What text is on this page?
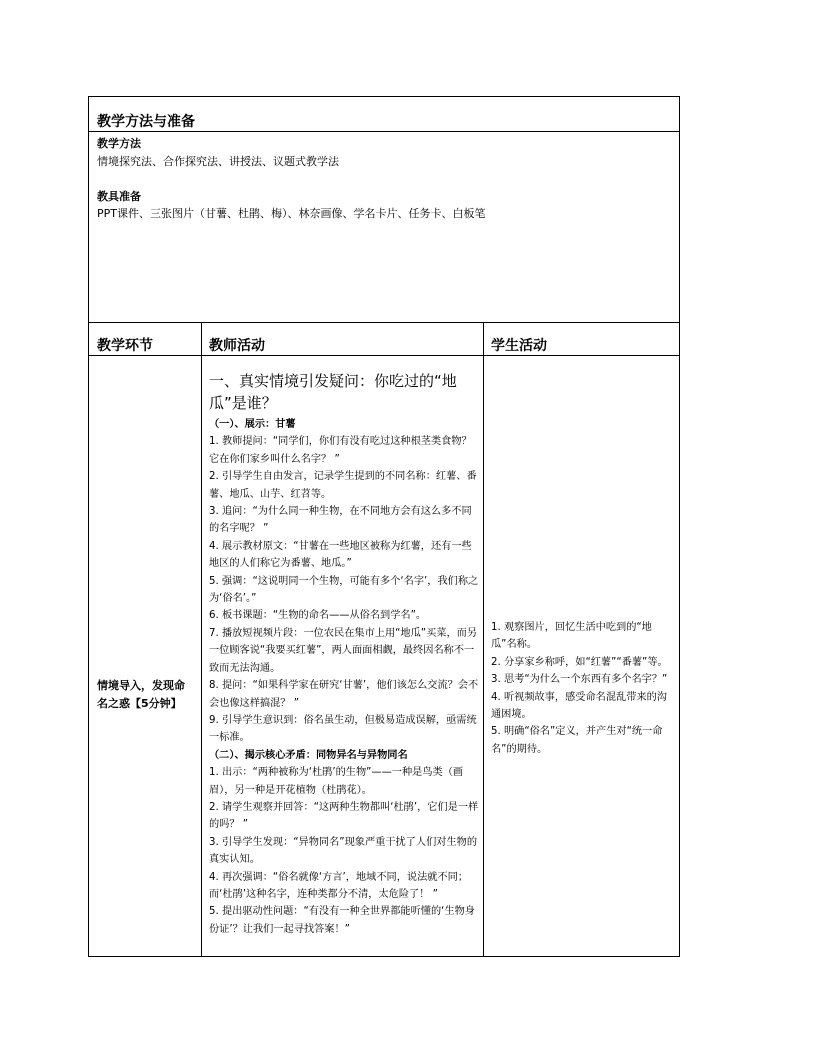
教学方法与准备
教学方法
情境探究法、合作探究法、讲授法、议题式教学法
教具准备
PPT课件、三张图片（甘薯、杜鹃、梅）、林奈画像、学名卡片、任务卡、白板笔
教学环节	教师活动	学生活动
情境导入，发现命名之惑【5分钟】

一、真实情境引发疑问：你吃过的“地瓜”是谁？

（一）、展示：甘薯

1. 教师提问：“同学们，你们有没有吃过这种根茎类食物？它在你们家乡叫什么名字？ ”

2. 引导学生自由发言，记录学生提到的不同名称：红薯、番薯、地瓜、山芋、红苕等。

3. 追问：“为什么同一种生物，在不同地方会有这么多不同的名字呢？ ”

4. 展示教材原文：“甘薯在一些地区被称为红薯，还有一些地区的人们称它为番薯、地瓜。”

5. 强调：“这说明同一个生物，可能有多个‘名字’，我们称之为‘俗名’。”

6. 板书课题：“生物的命名——从俗名到学名”。

7. 播放短视频片段：一位农民在集市上用“地瓜”买菜，而另一位顾客说“我要买红薯”，两人面面相觑，最终因名称不一致而无法沟通。

8. 提问：“如果科学家在研究‘甘薯’，他们该怎么交流？会不会也像这样搞混？ ”

9. 引导学生意识到：俗名虽生动，但极易造成误解，亟需统一标准。

（二）、揭示核心矛盾：同物异名与异物同名

1. 出示：“两种被称为‘杜鹃’的生物”——一种是鸟类（画眉），另一种是开花植物（杜鹃花）。

2. 请学生观察并回答：“这两种生物都叫‘杜鹃’，它们是一样的吗？ ”

3. 引导学生发现：“异物同名”现象严重干扰了人们对生物的真实认知。

4. 再次强调：“俗名就像‘方言’，地域不同，说法就不同；而‘杜鹃’这种名字，连种类都分不清，太危险了！ ”

5. 提出驱动性问题：“有没有一种全世界都能听懂的‘生物身份证’？让我们一起寻找答案！”

1. 观察图片，回忆生活中吃到的“地瓜”名称。

2. 分享家乡称呼，如“红薯”“番薯”等。

3. 思考“为什么一个东西有多个名字？”

4. 听视频故事，感受命名混乱带来的沟通困境。

5. 明确“俗名”定义，并产生对“统一命名”的期待。
